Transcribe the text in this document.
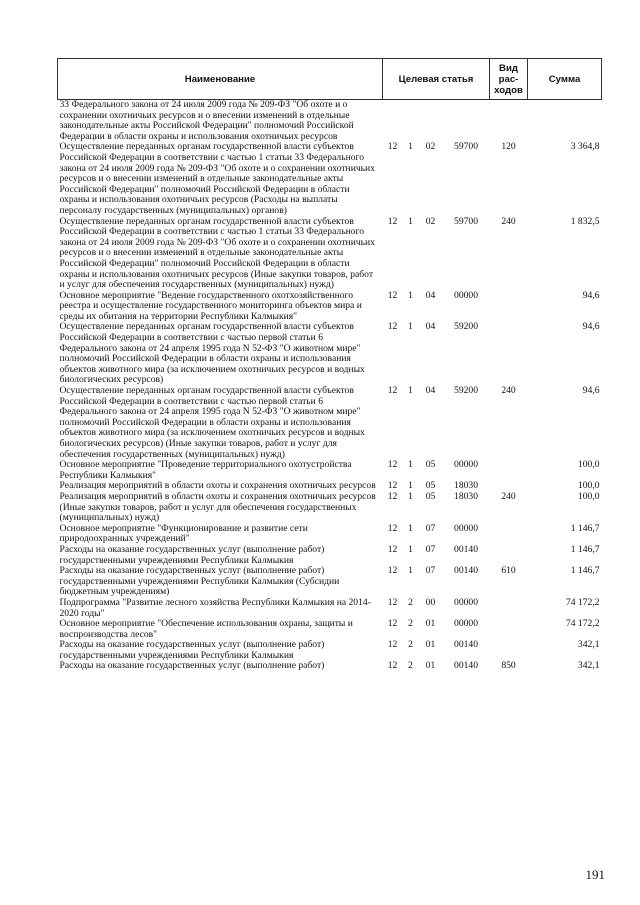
Наименование	Целевая статья				Вид рас-ходов	Сумма
33 Федерального закона от 24 июля 2009 года № 209-ФЗ "Об охоте и о сохранении охотничьих ресурсов и о внесении изменений в отдельные законодательные акты Российской Федерации" полномочий Российской Федерации в области охраны и использования охотничьих ресурсов						
Осуществление переданных органам государственной власти субъектов Российской Федерации в соответствии с частью 1 статьи 33 Федерального закона от 24 июля 2009 года № 209-ФЗ "Об охоте и о сохранении охотничьих ресурсов и о внесении изменений в отдельные законодательные акты Российской Федерации" полномочий Российской Федерации в области охраны и использования охотничьих ресурсов (Расходы на выплаты персоналу государственных (муниципальных) органов)	12	1	02	59700	120	3 364,8
Осуществление переданных органам государственной власти субъектов Российской Федерации в соответствии с частью 1 статьи 33 Федерального закона от 24 июля 2009 года № 209-ФЗ "Об охоте и о сохранении охотничьих ресурсов и о внесении изменений в отдельные законодательные акты Российской Федерации" полномочий Российской Федерации в области охраны и использования охотничьих ресурсов (Иные закупки товаров, работ и услуг для обеспечения государственных (муниципальных) нужд)	12	1	02	59700	240	1 832,5
Основное мероприятие "Ведение государственного охотхозяйственного реестра и осуществление государственного мониторинга объектов мира и среды их обитания на территории Республики Калмыкия"	12	1	04	00000		94,6
Осуществление переданных органам государственной власти субъектов Российской Федерации в соответствии с частью первой статьи 6 Федерального закона от 24 апреля 1995 года N 52-ФЗ "О животном мире" полномочий Российской Федерации в области охраны и использования объектов животного мира (за исключением охотничьих ресурсов и водных биологических ресурсов)	12	1	04	59200		94,6
Осуществление переданных органам государственной власти субъектов Российской Федерации в соответствии с частью первой статьи 6 Федерального закона от 24 апреля 1995 года N 52-ФЗ "О животном мире" полномочий Российской Федерации в области охраны и использования объектов животного мира (за исключением охотничьих ресурсов и водных биологических ресурсов) (Иные закупки товаров, работ и услуг для обеспечения государственных (муниципальных) нужд)	12	1	04	59200	240	94,6
Основное мероприятие "Проведение территориального охотустройства Республики Калмыкия"	12	1	05	00000		100,0
Реализация мероприятий в области охоты и сохранения охотничьих ресурсов	12	1	05	18030		100,0
Реализация мероприятий в области охоты и сохранения охотничьих ресурсов (Иные закупки товаров, работ и услуг для обеспечения государственных (муниципальных) нужд)	12	1	05	18030	240	100,0
Основное мероприятие "Функционирование и развитие сети природоохранных учреждений"	12	1	07	00000		1 146,7
Расходы на оказание государственных услуг (выполнение работ) государственными учреждениями Республики Калмыкия	12	1	07	00140		1 146,7
Расходы на оказание государственных услуг (выполнение работ) государственными учреждениями Республики Калмыкия (Субсидии бюджетным учреждениям)	12	1	07	00140	610	1 146,7
Подпрограмма "Развитие лесного хозяйства Республики Калмыкия на 2014-2020 годы"	12	2	00	00000		74 172,2
Основное мероприятие "Обеспечение использования охраны, защиты и воспроизводства лесов"	12	2	01	00000		74 172,2
Расходы на оказание государственных услуг (выполнение работ) государственными учреждениями Республики Калмыкия	12	2	01	00140		342,1
Расходы на оказание государственных услуг (выполнение работ)	12	2	01	00140	850	342,1
191
